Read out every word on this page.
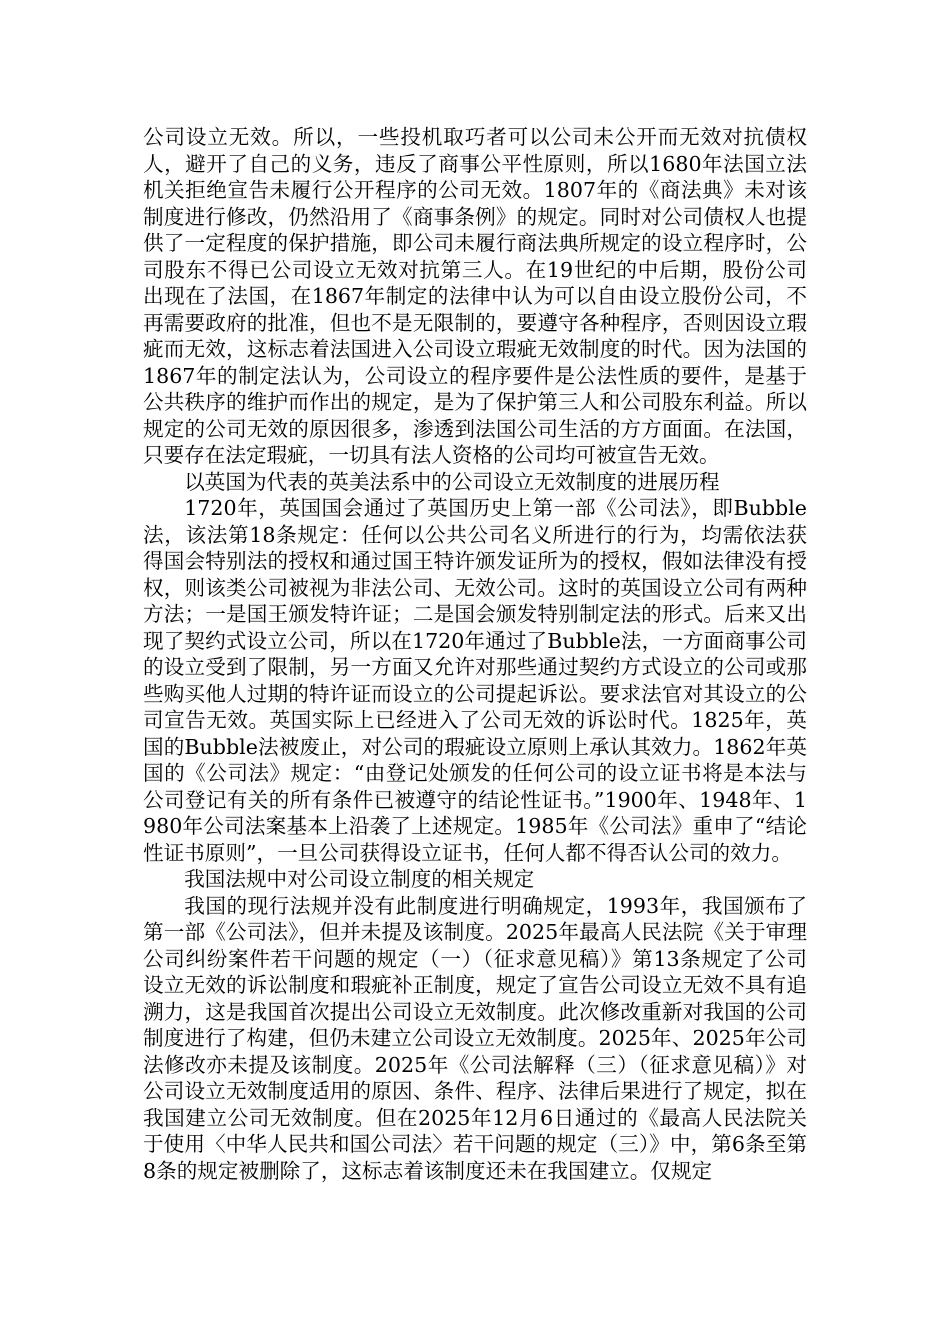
公司设立无效。所以，一些投机取巧者可以公司未公开而无效对抗债权人，避开了自己的义务，违反了商事公平性原则，所以1680年法国立法机关拒绝宣告未履行公开程序的公司无效。1807年的《商法典》未对该制度进行修改，仍然沿用了《商事条例》的规定。同时对公司债权人也提供了一定程度的保护措施，即公司未履行商法典所规定的设立程序时，公司股东不得已公司设立无效对抗第三人。在19世纪的中后期，股份公司出现在了法国，在1867年制定的法律中认为可以自由设立股份公司，不再需要政府的批准，但也不是无限制的，要遵守各种程序，否则因设立瑕疵而无效，这标志着法国进入公司设立瑕疵无效制度的时代。因为法国的1867年的制定法认为，公司设立的程序要件是公法性质的要件，是基于公共秩序的维护而作出的规定，是为了保护第三人和公司股东利益。所以规定的公司无效的原因很多，渗透到法国公司生活的方方面面。在法国，只要存在法定瑕疵，一切具有法人资格的公司均可被宣告无效。

以英国为代表的英美法系中的公司设立无效制度的进展历程

1720年，英国国会通过了英国历史上第一部《公司法》，即Bubble法，该法第18条规定：任何以公共公司名义所进行的行为，均需依法获得国会特别法的授权和通过国王特许颁发证所为的授权，假如法律没有授权，则该类公司被视为非法公司、无效公司。这时的英国设立公司有两种方法；一是国王颁发特许证；二是国会颁发特别制定法的形式。后来又出现了契约式设立公司，所以在1720年通过了Bubble法，一方面商事公司的设立受到了限制，另一方面又允许对那些通过契约方式设立的公司或那些购买他人过期的特许证而设立的公司提起诉讼。要求法官对其设立的公司宣告无效。英国实际上已经进入了公司无效的诉讼时代。1825年，英国的Bubble法被废止，对公司的瑕疵设立原则上承认其效力。1862年英国的《公司法》规定：“由登记处颁发的任何公司的设立证书将是本法与公司登记有关的所有条件已被遵守的结论性证书。”1900年、1948年、1980年公司法案基本上沿袭了上述规定。1985年《公司法》重申了“结论性证书原则”，一旦公司获得设立证书，任何人都不得否认公司的效力。

我国法规中对公司设立制度的相关规定

我国的现行法规并没有此制度进行明确规定，1993年，我国颁布了第一部《公司法》，但并未提及该制度。2025年最高人民法院《关于审理公司纠纷案件若干问题的规定（一）（征求意见稿）》第13条规定了公司设立无效的诉讼制度和瑕疵补正制度，规定了宣告公司设立无效不具有追溯力，这是我国首次提出公司设立无效制度。此次修改重新对我国的公司制度进行了构建，但仍未建立公司设立无效制度。2025年、2025年公司法修改亦未提及该制度。2025年《公司法解释（三）（征求意见稿）》对公司设立无效制度适用的原因、条件、程序、法律后果进行了规定，拟在我国建立公司无效制度。但在2025年12月6日通过的《最高人民法院关于使用〈中华人民共和国公司法〉若干问题的规定（三）》中，第6条至第8条的规定被删除了，这标志着该制度还未在我国建立。仅规定
